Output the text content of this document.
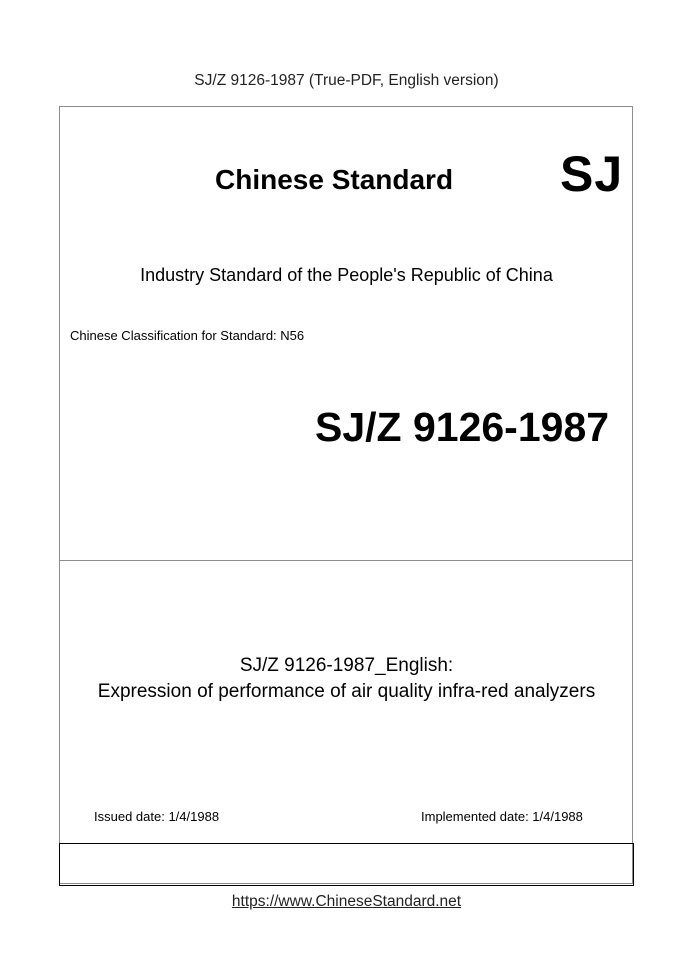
SJ/Z 9126-1987 (True-PDF, English version)
Chinese Standard SJ
Industry Standard of the People's Republic of China
Chinese Classification for Standard: N56
SJ/Z 9126-1987
SJ/Z 9126-1987_English:
Expression of performance of air quality infra-red analyzers
Issued date: 1/4/1988	Implemented date: 1/4/1988
https://www.ChineseStandard.net
